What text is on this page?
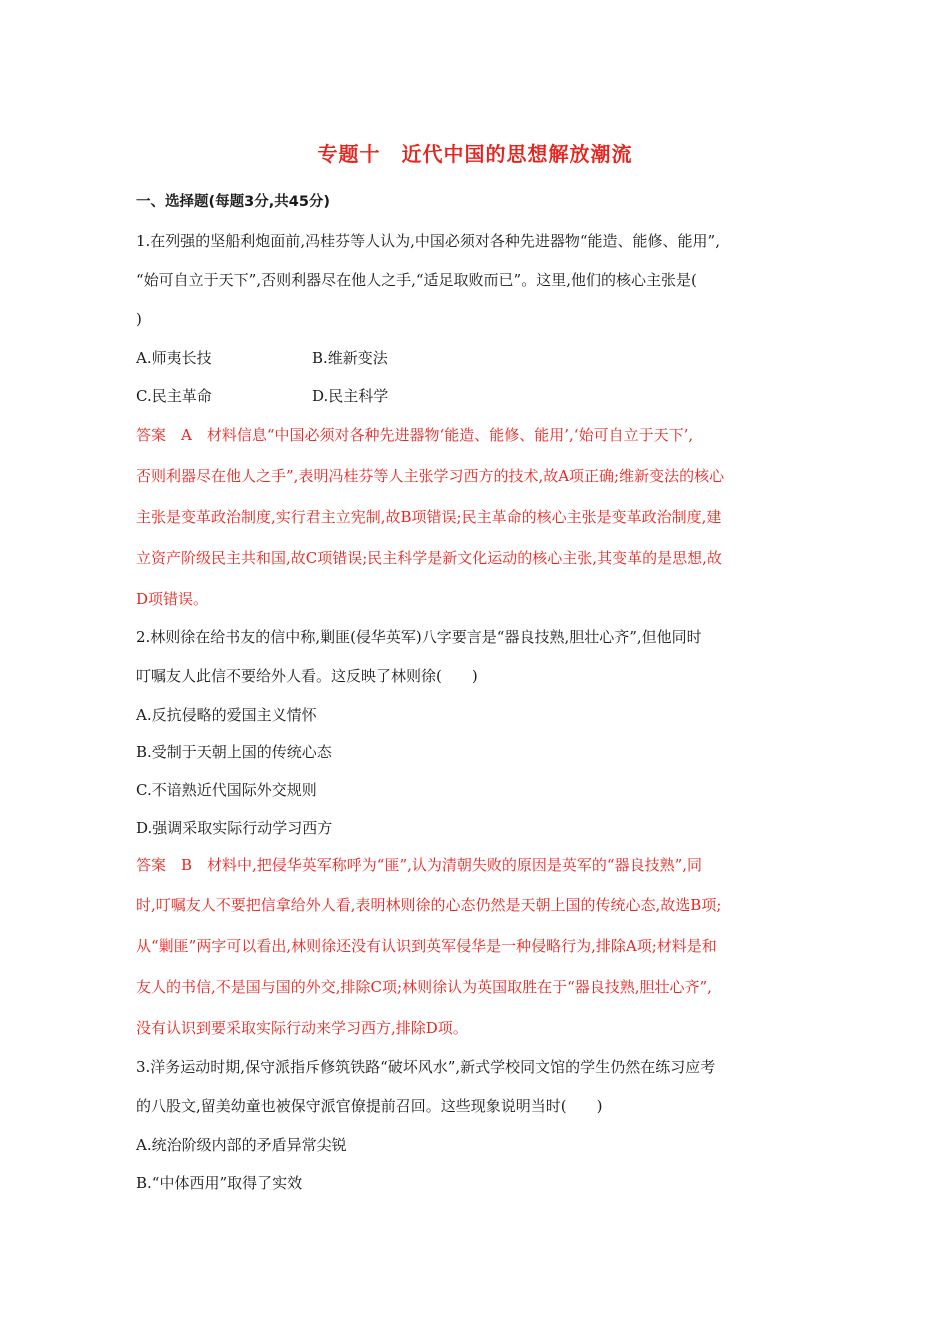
专题十　近代中国的思想解放潮流
一、选择题(每题3分,共45分)
1.在列强的坚船利炮面前,冯桂芬等人认为,中国必须对各种先进器物“能造、能修、能用”,
“始可自立于天下”,否则利器尽在他人之手,“适足取败而已”。这里,他们的核心主张是(
)
A.师夷长技	B.维新变法
C.民主革命	D.民主科学
答案　A　材料信息“中国必须对各种先进器物‘能造、能修、能用’,‘始可自立于天下’,
否则利器尽在他人之手”,表明冯桂芬等人主张学习西方的技术,故A项正确;维新变法的核心
主张是变革政治制度,实行君主立宪制,故B项错误;民主革命的核心主张是变革政治制度,建
立资产阶级民主共和国,故C项错误;民主科学是新文化运动的核心主张,其变革的是思想,故
D项错误。
2.林则徐在给书友的信中称,剿匪(侵华英军)八字要言是“器良技熟,胆壮心齐”,但他同时
叮嘱友人此信不要给外人看。这反映了林则徐(　　)
A.反抗侵略的爱国主义情怀
B.受制于天朝上国的传统心态
C.不谙熟近代国际外交规则
D.强调采取实际行动学习西方
答案　B　材料中,把侵华英军称呼为“匪”,认为清朝失败的原因是英军的“器良技熟”,同
时,叮嘱友人不要把信拿给外人看,表明林则徐的心态仍然是天朝上国的传统心态,故选B项;
从“剿匪”两字可以看出,林则徐还没有认识到英军侵华是一种侵略行为,排除A项;材料是和
友人的书信,不是国与国的外交,排除C项;林则徐认为英国取胜在于“器良技熟,胆壮心齐”,
没有认识到要采取实际行动来学习西方,排除D项。
3.洋务运动时期,保守派指斥修筑铁路“破坏风水”,新式学校同文馆的学生仍然在练习应考
的八股文,留美幼童也被保守派官僚提前召回。这些现象说明当时(　　)
A.统治阶级内部的矛盾异常尖锐
B.“中体西用”取得了实效
